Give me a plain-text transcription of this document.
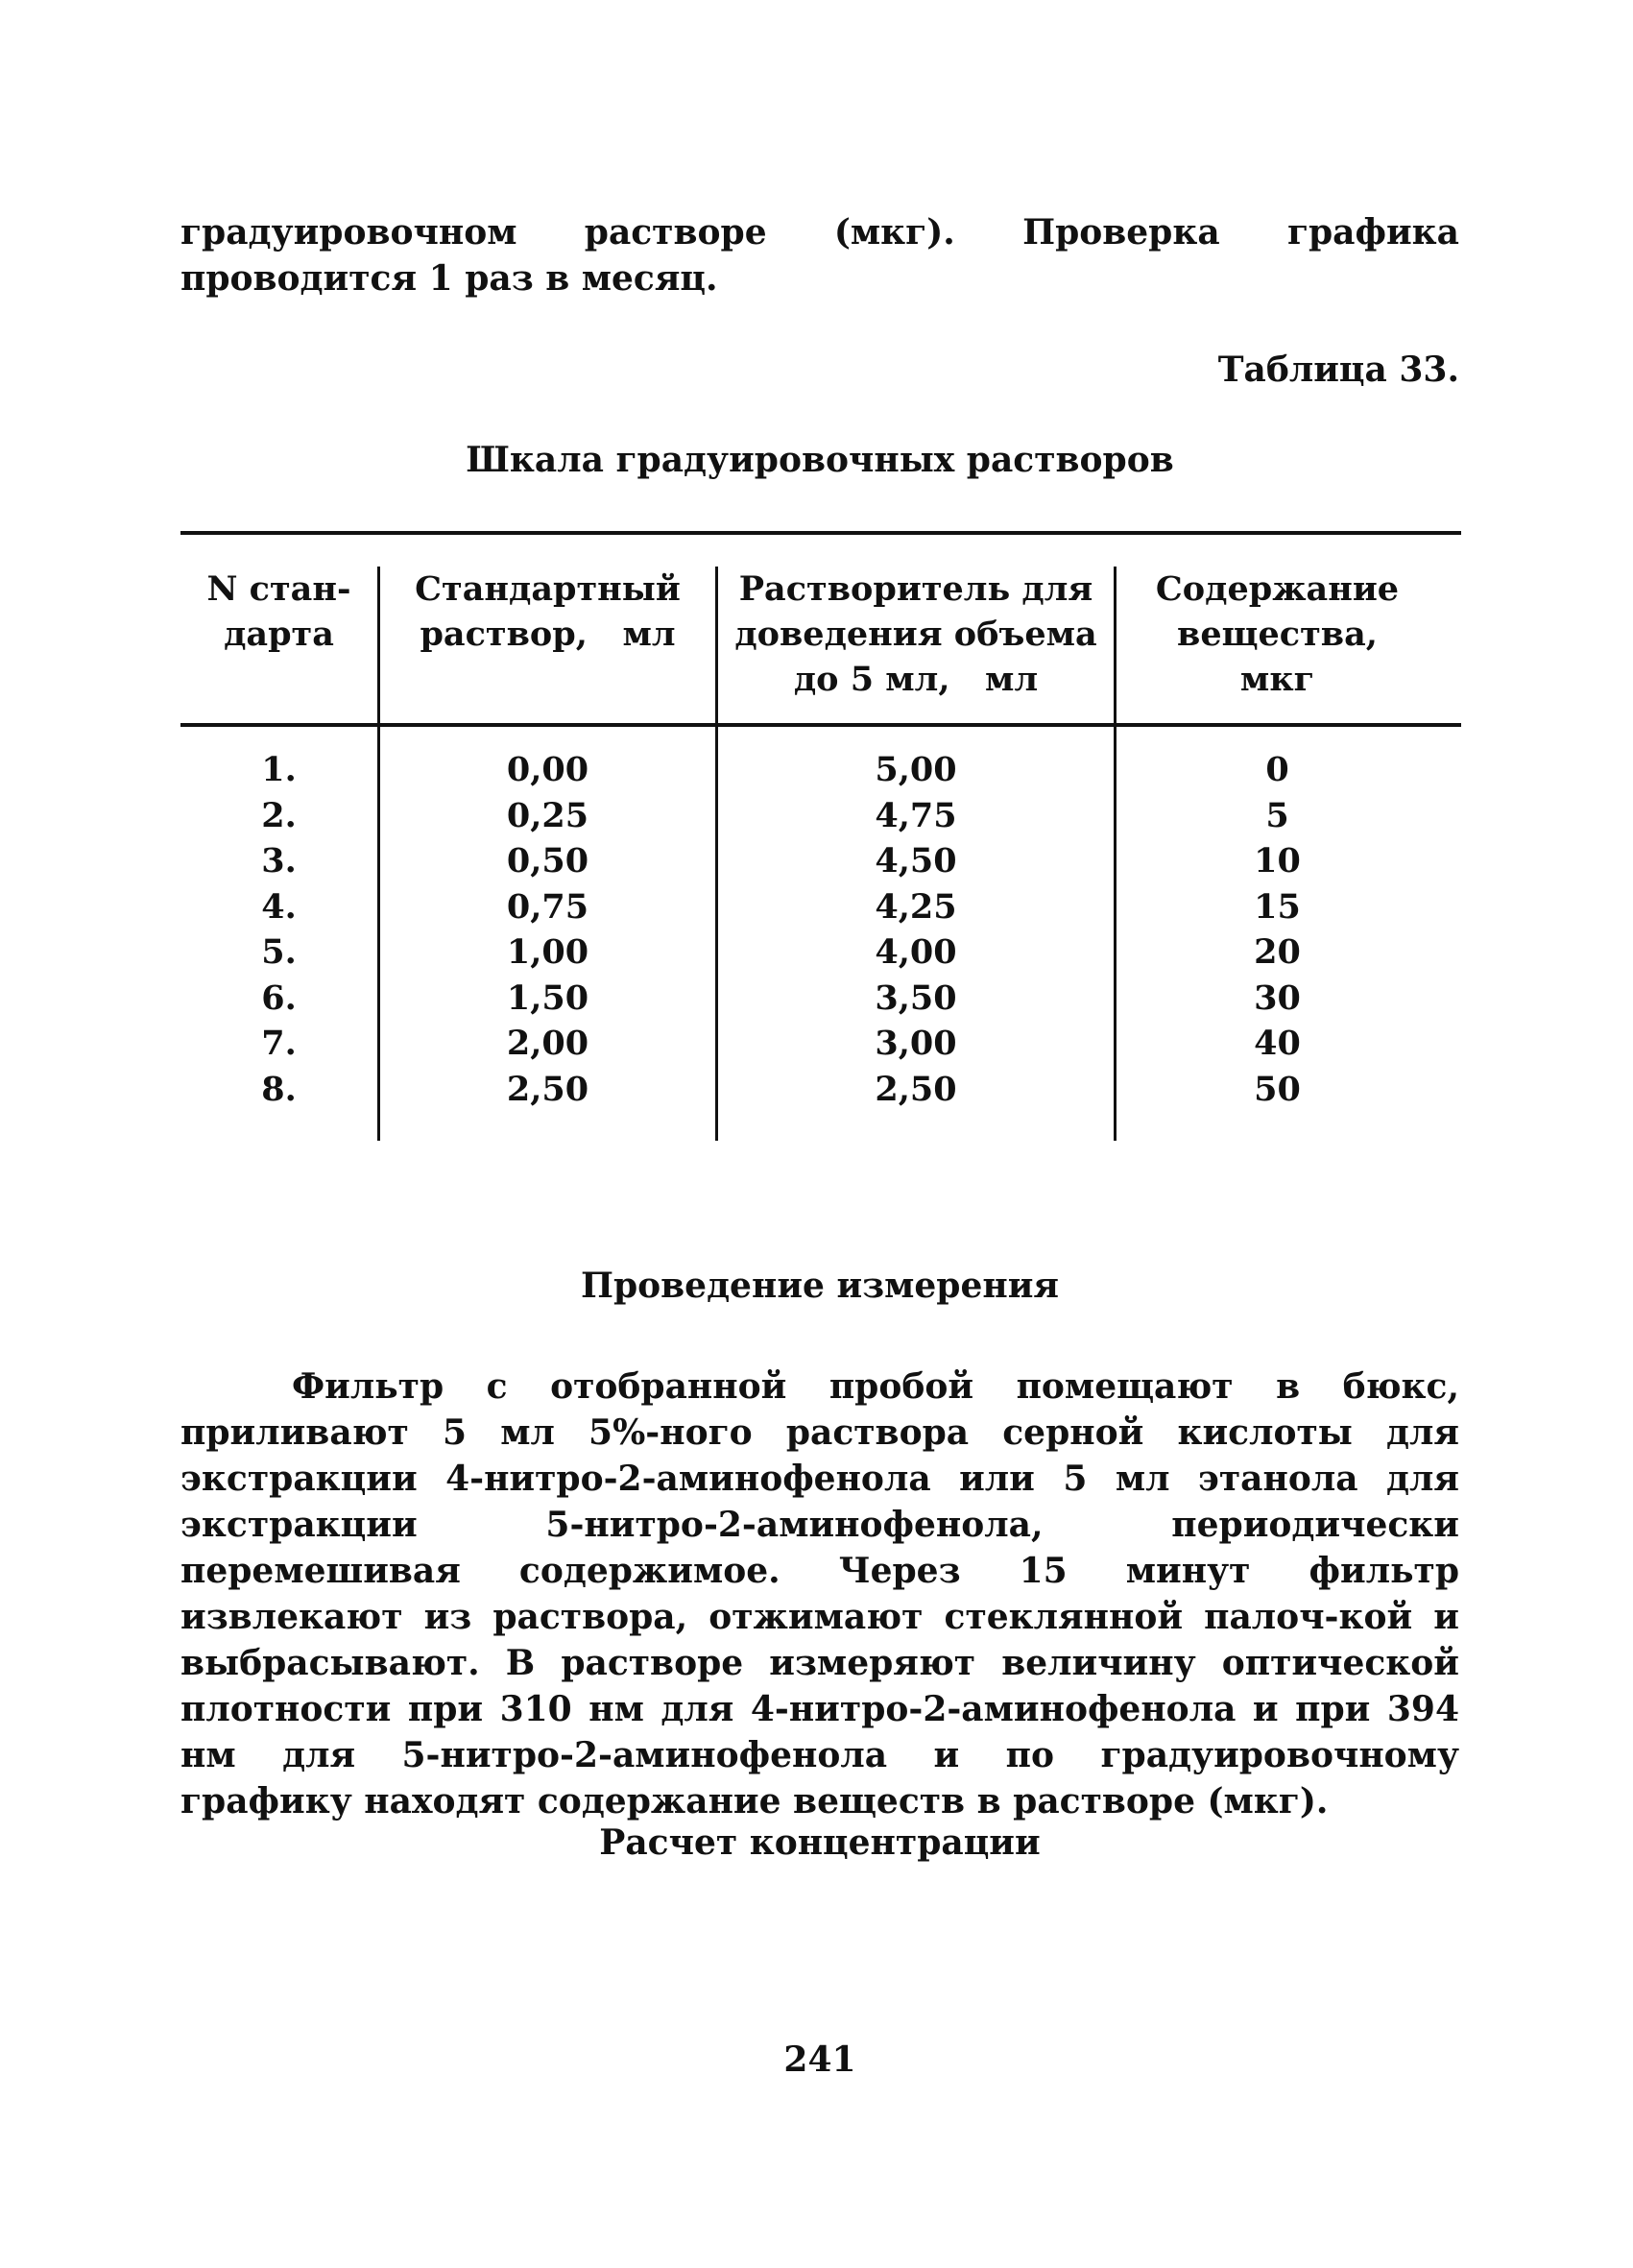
градуировочном растворе (мкг). Проверка графика проводится 1 раз в месяц.
Таблица 33.
Шкала градуировочных растворов
N стан-
дарта
Стандартный
раствор,   мл
Растворитель для
доведения объема
до 5 мл,   мл
Содержание
вещества,
мкг
1.
2.
3.
4.
5.
6.
7.
8.
0,00
0,25
0,50
0,75
1,00
1,50
2,00
2,50
5,00
4,75
4,50
4,25
4,00
3,50
3,00
2,50
0
5
10
15
20
30
40
50
Проведение измерения
Фильтр с отобранной пробой помещают в бюкс, приливают 5 мл 5%-ного раствора серной кислоты для экстракции 4-нитро-2-аминофенола или 5 мл этанола для экстракции 5-нитро-2-аминофенола, периодически перемешивая содержимое. Через 15 минут фильтр извлекают из раствора, отжимают стеклянной палоч-кой и выбрасывают. В растворе измеряют величину оптической плотности при 310 нм для 4-нитро-2-аминофенола и при 394 нм для 5-нитро-2-аминофенола и по градуировочному графику находят содержание веществ в растворе (мкг).
Расчет концентрации
241
